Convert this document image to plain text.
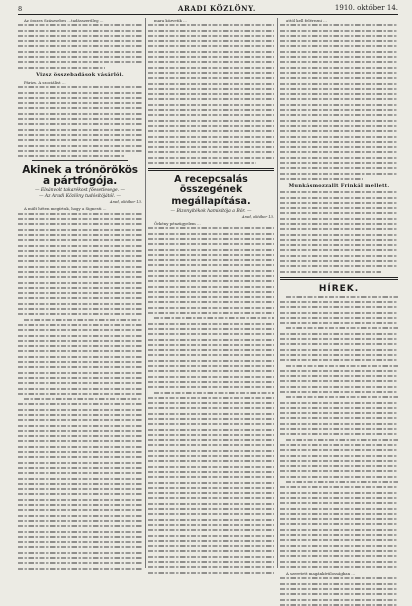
8	ARADI KÖZLÖNY.	1910. október 14.

Az összes Szászsebes ...tadásszerűleg ...

Vizsz összebadások vásárlói.

Párizs. A szociálist ...

Akinek a trónörökös a pártfogója.
— Elsánvolt takarékost főesetlesege. —
— Az Aradi Közlöny tudósítójától. —
Arad, október 13.

A múlt héten megírtuk, hogy a Signesti ...

mara közvetik ...

A recepcsalás összegének
megállapítása.
— Bizonyítékok hamisítója a Bör. —
Arad, október 13.

Örkény pénzügyelem ...

attól kell felérezni ...

Munkásmozzallt Frinkál mellett.
HÍREK.

A szeretett magánkívülosságban ...
